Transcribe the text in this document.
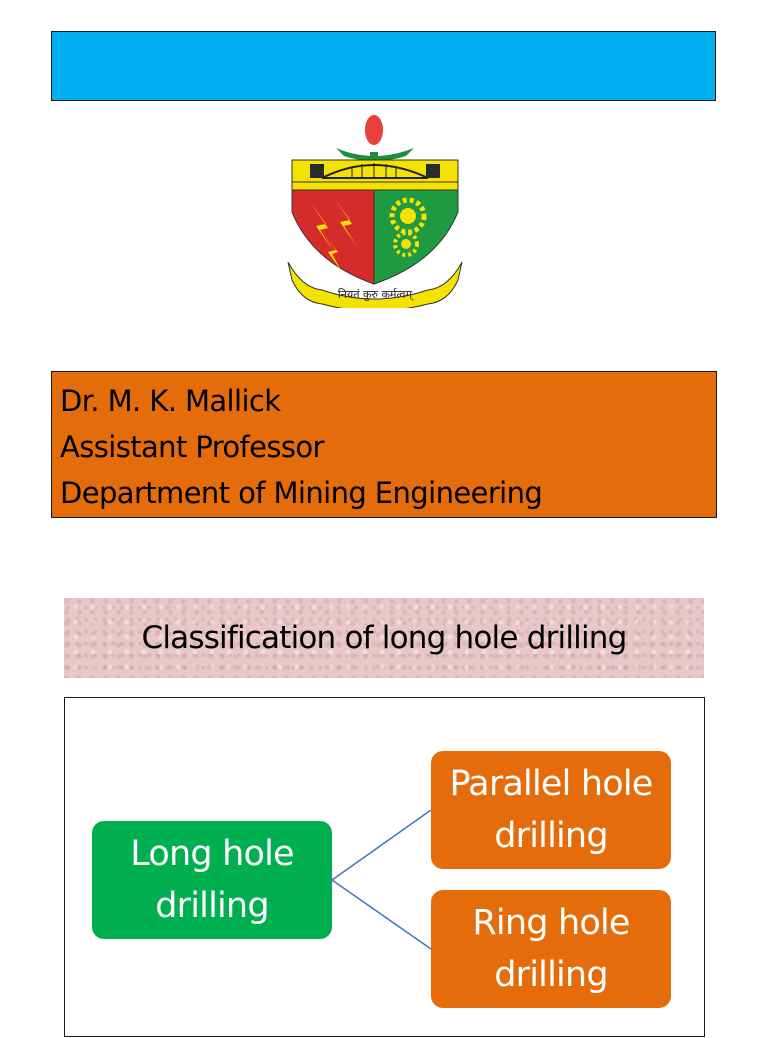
नियतं कुरु कर्मत्वम्
Dr. M. K. Mallick
Assistant Professor
Department of Mining Engineering
Classification of long hole drilling
Long hole drilling
Parallel hole drilling
Ring hole drilling
